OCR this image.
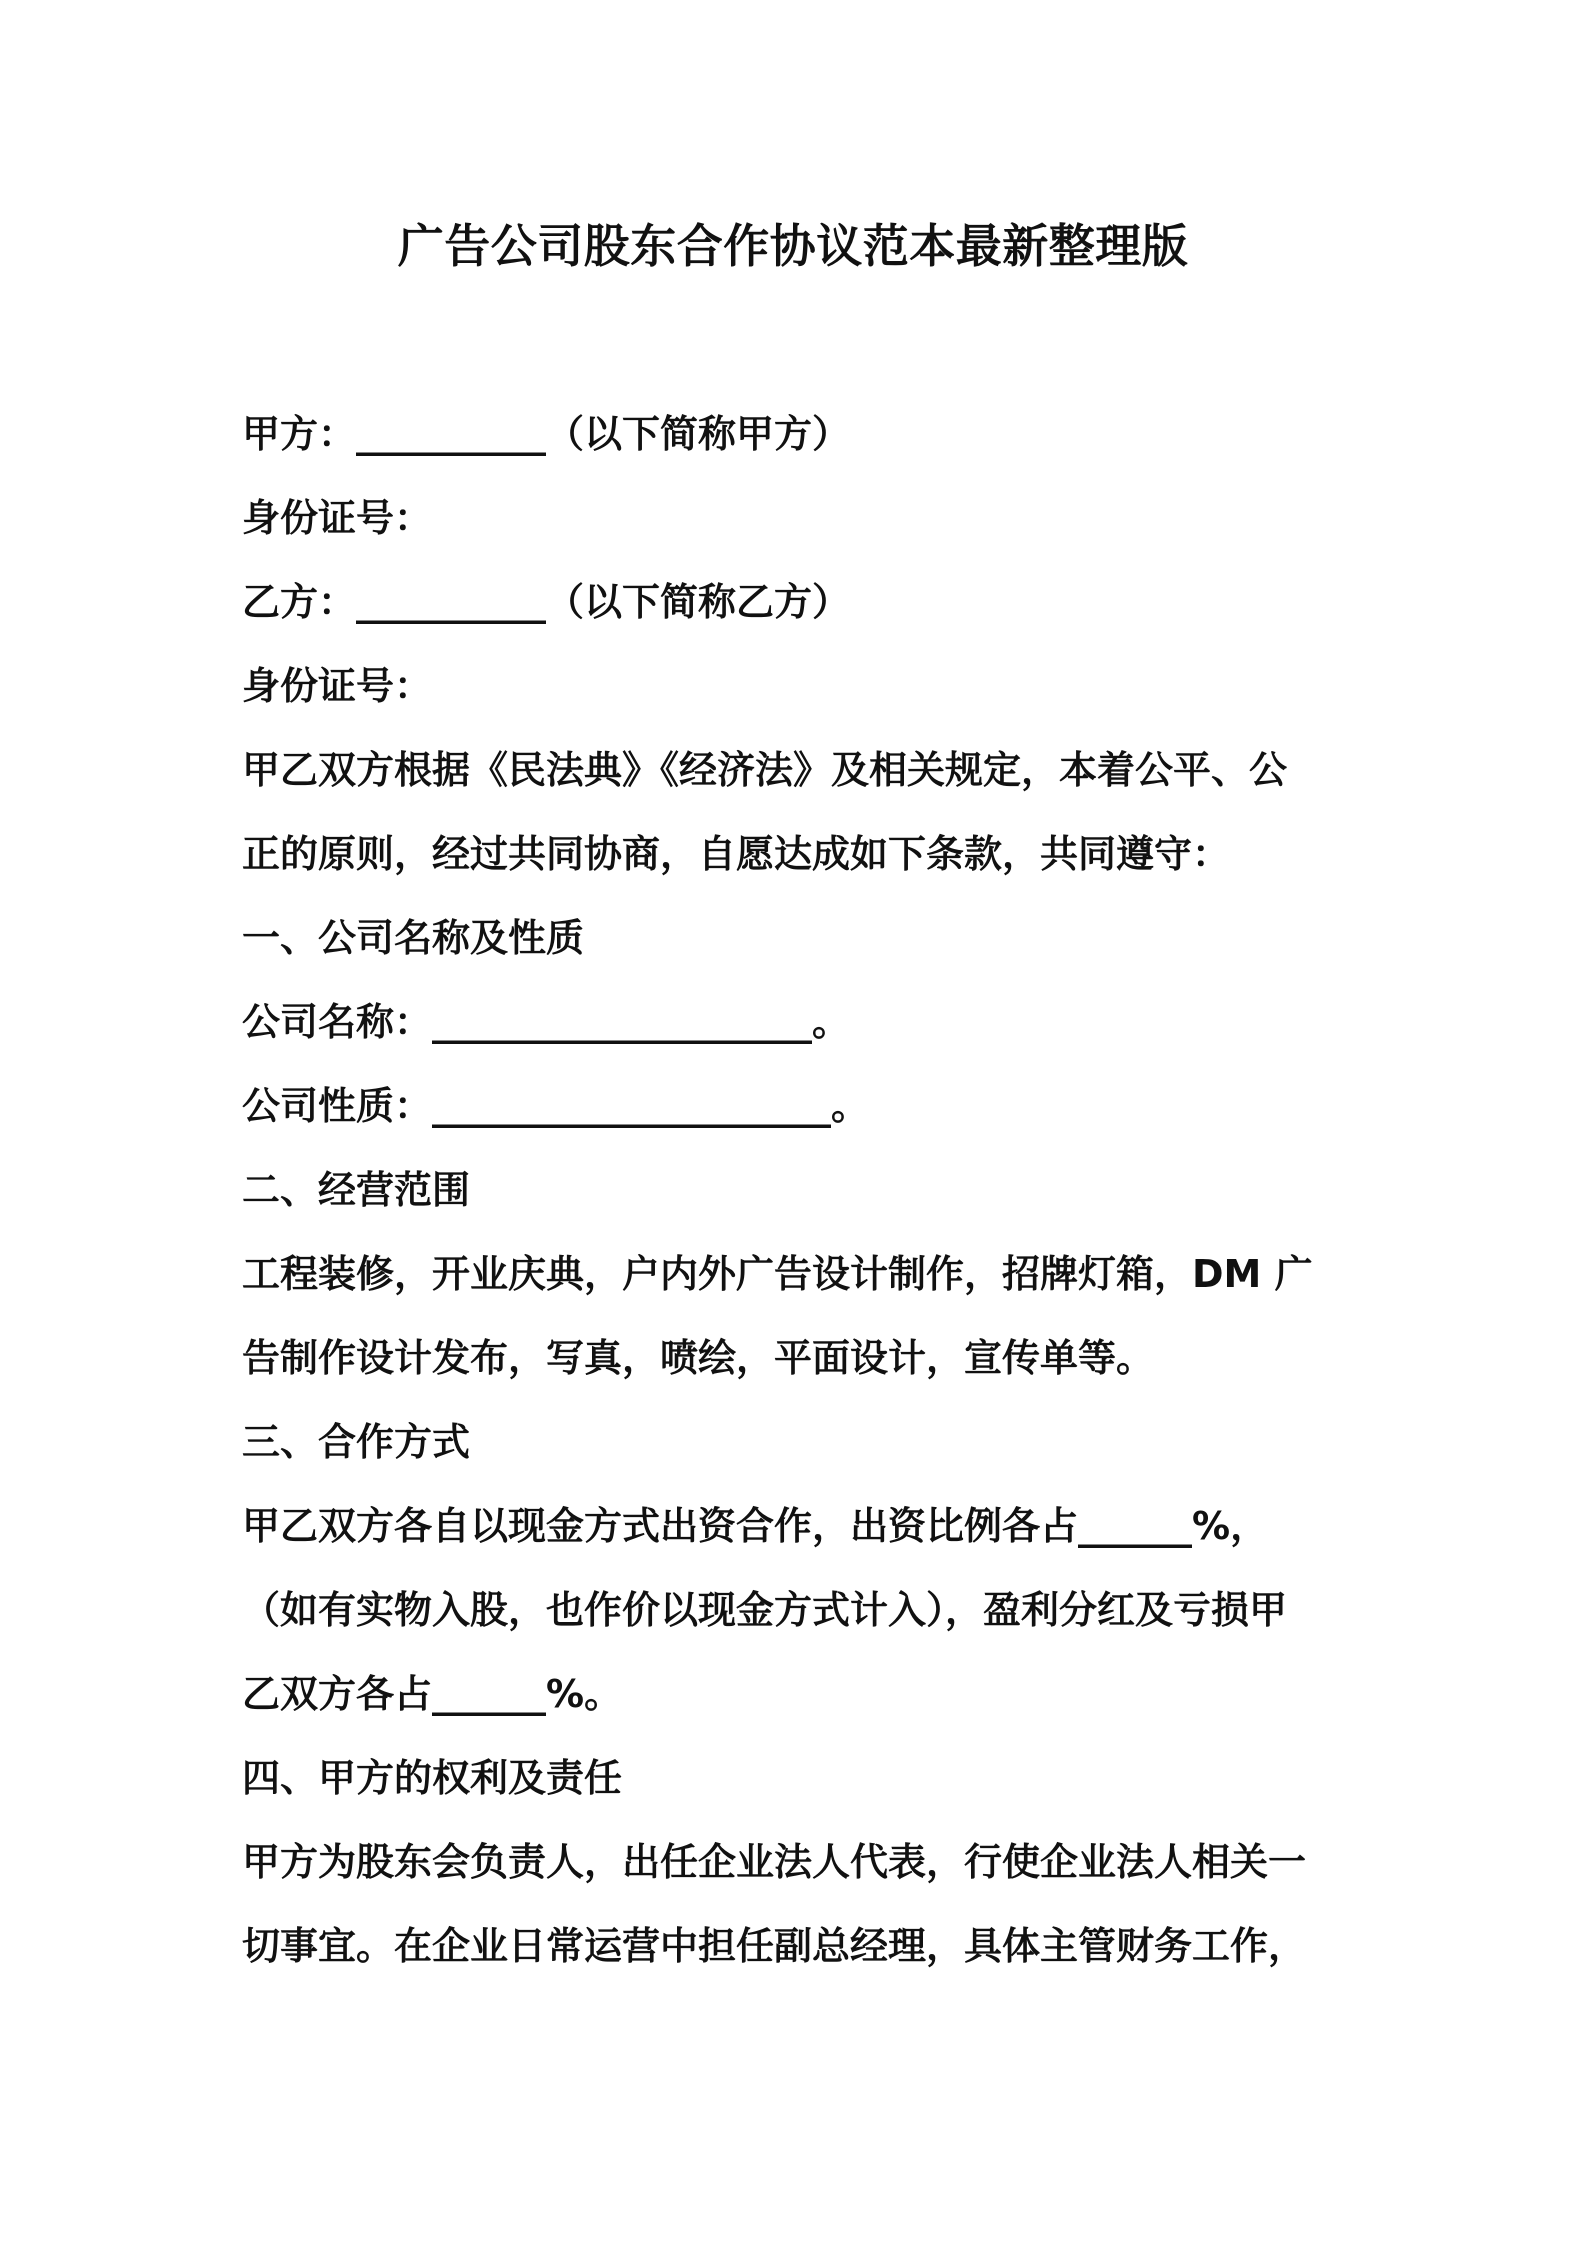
广告公司股东合作协议范本最新整理版
甲方：__________（以下简称甲方）
身份证号：
乙方：__________（以下简称乙方）
身份证号：
甲乙双方根据《民法典》《经济法》及相关规定，本着公平、公
正的原则，经过共同协商，自愿达成如下条款，共同遵守：
一、公司名称及性质
公司名称：____________________。
公司性质：_____________________。
二、经营范围
工程装修，开业庆典，户内外广告设计制作，招牌灯箱，DM 广
告制作设计发布，写真，喷绘，平面设计，宣传单等。
三、合作方式
甲乙双方各自以现金方式出资合作，出资比例各占______%，
（如有实物入股，也作价以现金方式计入），盈利分红及亏损甲
乙双方各占______%。
四、甲方的权利及责任
甲方为股东会负责人，出任企业法人代表，行使企业法人相关一
切事宜。在企业日常运营中担任副总经理，具体主管财务工作，
